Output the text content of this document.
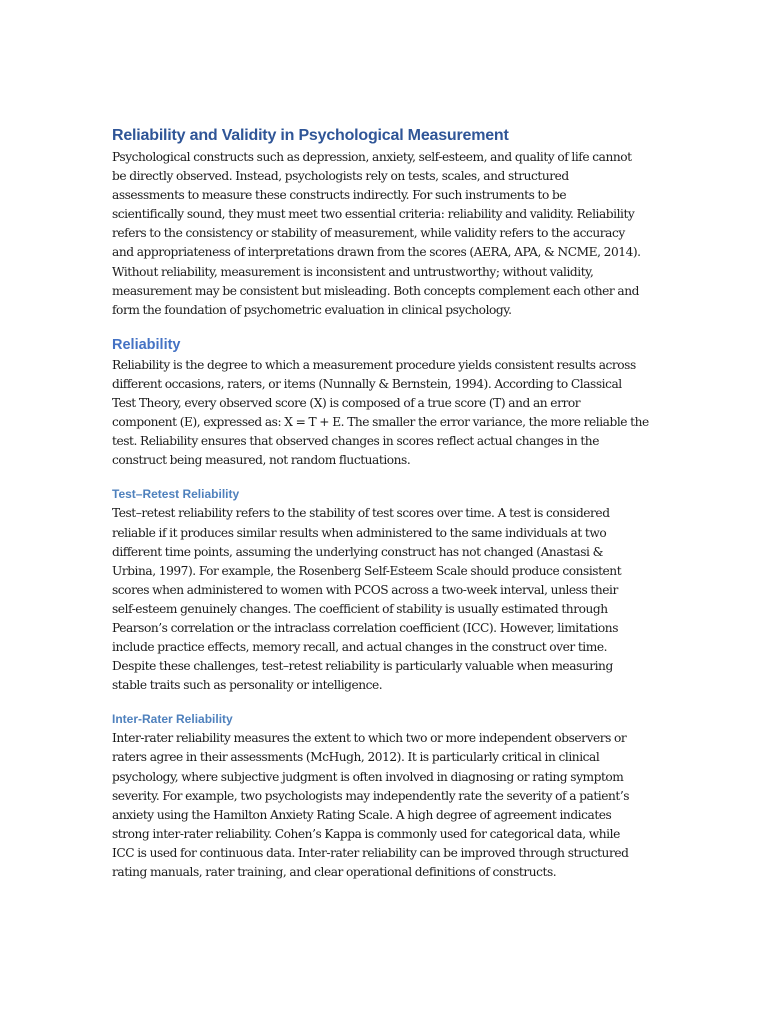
Reliability and Validity in Psychological Measurement
Psychological constructs such as depression, anxiety, self-esteem, and quality of life cannot
be directly observed. Instead, psychologists rely on tests, scales, and structured
assessments to measure these constructs indirectly. For such instruments to be
scientifically sound, they must meet two essential criteria: reliability and validity. Reliability
refers to the consistency or stability of measurement, while validity refers to the accuracy
and appropriateness of interpretations drawn from the scores (AERA, APA, & NCME, 2014).
Without reliability, measurement is inconsistent and untrustworthy; without validity,
measurement may be consistent but misleading. Both concepts complement each other and
form the foundation of psychometric evaluation in clinical psychology.
Reliability
Reliability is the degree to which a measurement procedure yields consistent results across
different occasions, raters, or items (Nunnally & Bernstein, 1994). According to Classical
Test Theory, every observed score (X) is composed of a true score (T) and an error
component (E), expressed as: X = T + E. The smaller the error variance, the more reliable the
test. Reliability ensures that observed changes in scores reflect actual changes in the
construct being measured, not random fluctuations.
Test–Retest Reliability
Test–retest reliability refers to the stability of test scores over time. A test is considered
reliable if it produces similar results when administered to the same individuals at two
different time points, assuming the underlying construct has not changed (Anastasi &
Urbina, 1997). For example, the Rosenberg Self-Esteem Scale should produce consistent
scores when administered to women with PCOS across a two-week interval, unless their
self-esteem genuinely changes. The coefficient of stability is usually estimated through
Pearson’s correlation or the intraclass correlation coefficient (ICC). However, limitations
include practice effects, memory recall, and actual changes in the construct over time.
Despite these challenges, test–retest reliability is particularly valuable when measuring
stable traits such as personality or intelligence.
Inter-Rater Reliability
Inter-rater reliability measures the extent to which two or more independent observers or
raters agree in their assessments (McHugh, 2012). It is particularly critical in clinical
psychology, where subjective judgment is often involved in diagnosing or rating symptom
severity. For example, two psychologists may independently rate the severity of a patient’s
anxiety using the Hamilton Anxiety Rating Scale. A high degree of agreement indicates
strong inter-rater reliability. Cohen’s Kappa is commonly used for categorical data, while
ICC is used for continuous data. Inter-rater reliability can be improved through structured
rating manuals, rater training, and clear operational definitions of constructs.
